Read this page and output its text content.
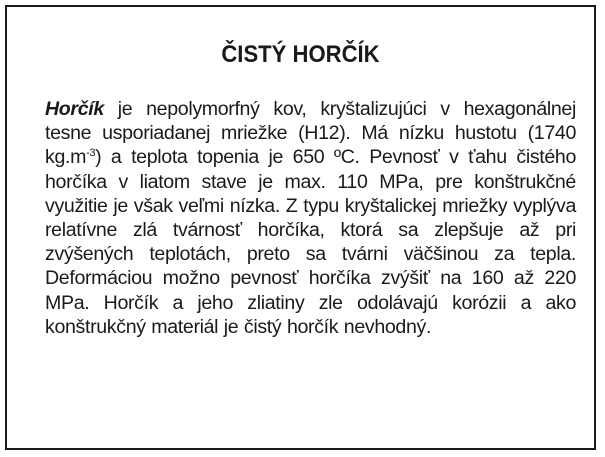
ČISTÝ HORČÍK

Horčík je nepolymorfný kov, kryštalizujúci v hexagonálnej tesne usporiadanej mriežke (H12). Má nízku hustotu (1740 $kg.m^{-3}$) a teplota topenia je 650 ºC. Pevnosť v ťahu čistého horčíka v liatom stave je max. 110 MPa, pre konštrukčné využitie je však veľmi nízka. Z typu kryštalickej mriežky vyplýva relatívne zlá tvárnosť horčíka, ktorá sa zlepšuje až pri zvýšených teplotách, preto sa tvárni väčšinou za tepla. Deformáciou možno pevnosť horčíka zvýšiť na 160 až 220 MPa. Horčík a jeho zliatiny zle odolávajú korózii a ako konštrukčný materiál je čistý horčík nevhodný.
